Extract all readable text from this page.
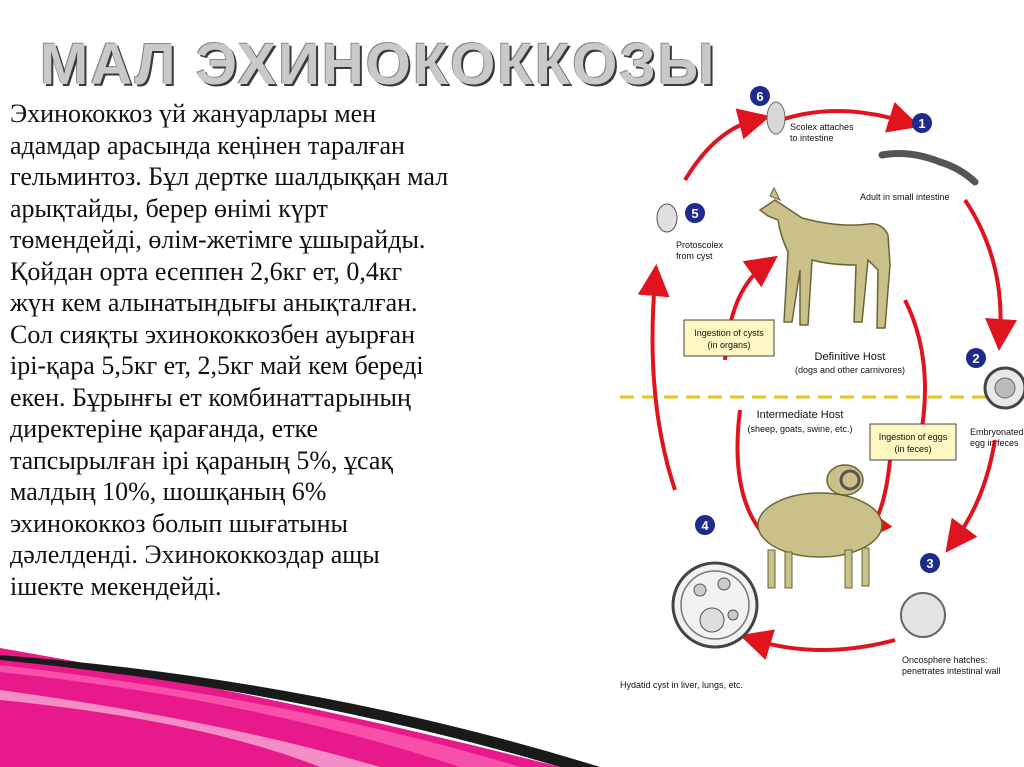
МАЛ ЭХИНОКОККОЗЫ
Эхинококкоз үй жануарлары мен
адамдар арасында кеңінен таралған
гельминтоз. Бұл дертке шалдыққан мал
арықтайды, берер өнімі күрт
төмендейді, өлім-жетімге ұшырайды.
Қойдан орта есеппен 2,6кг ет, 0,4кг
жүн кем алынатындығы анықталған.
Сол сияқты эхинококкозбен ауырған
ірі-қара 5,5кг ет, 2,5кг май кем береді
екен. Бұрынғы ет комбинаттарының
директеріне қарағанда, етке
тапсырылған ірі қараның 5%, ұсақ
малдың 10%, шошқаның 6%
эхинококкоз болып шығатыны
дәлелденді. Эхинококкоздар ащы
ішекте мекендейді.
6
Scolex attaches
to intestine
1
Adult in small intestine
2
Embryonated
egg in feces
3
Oncosphere hatches:
penetrates intestinal wall
4
Hydatid cyst in liver, lungs, etc.
5
Protoscolex
from cyst
Definitive Host
(dogs and other carnivores)
Intermediate Host
(sheep, goats, swine, etc.)
Ingestion of cysts
(in organs)
Ingestion of eggs
(in feces)
